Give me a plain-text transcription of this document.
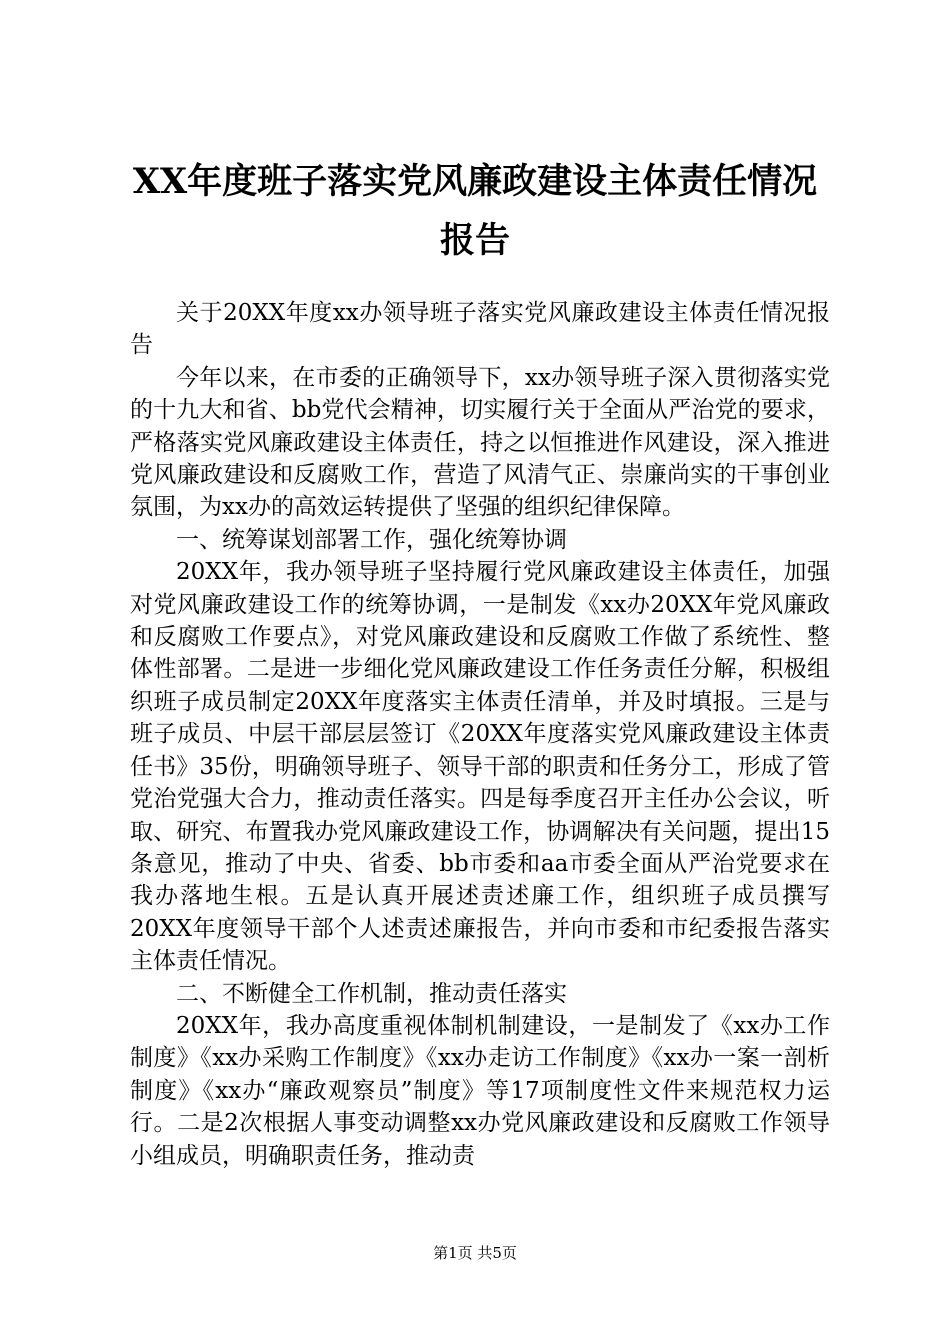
XX年度班子落实党风廉政建设主体责任情况
报告

关于20XX年度xx办领导班子落实党风廉政建设主体责任情况报告

今年以来，在市委的正确领导下，xx办领导班子深入贯彻落实党的十九大和省、bb党代会精神，切实履行关于全面从严治党的要求，严格落实党风廉政建设主体责任，持之以恒推进作风建设，深入推进党风廉政建设和反腐败工作，营造了风清气正、崇廉尚实的干事创业氛围，为xx办的高效运转提供了坚强的组织纪律保障。

一、统筹谋划部署工作，强化统筹协调

20XX年，我办领导班子坚持履行党风廉政建设主体责任，加强对党风廉政建设工作的统筹协调，一是制发《xx办20XX年党风廉政和反腐败工作要点》，对党风廉政建设和反腐败工作做了系统性、整体性部署。二是进一步细化党风廉政建设工作任务责任分解，积极组织班子成员制定20XX年度落实主体责任清单，并及时填报。三是与班子成员、中层干部层层签订《20XX年度落实党风廉政建设主体责任书》35份，明确领导班子、领导干部的职责和任务分工，形成了管党治党强大合力，推动责任落实。四是每季度召开主任办公会议，听取、研究、布置我办党风廉政建设工作，协调解决有关问题，提出15条意见，推动了中央、省委、bb市委和aa市委全面从严治党要求在我办落地生根。五是认真开展述责述廉工作，组织班子成员撰写20XX年度领导干部个人述责述廉报告，并向市委和市纪委报告落实主体责任情况。

二、不断健全工作机制，推动责任落实

20XX年，我办高度重视体制机制建设，一是制发了《xx办工作制度》《xx办采购工作制度》《xx办走访工作制度》《xx办一案一剖析制度》《xx办“廉政观察员”制度》等17项制度性文件来规范权力运行。二是2次根据人事变动调整xx办党风廉政建设和反腐败工作领导小组成员，明确职责任务，推动责

第1页 共5页
